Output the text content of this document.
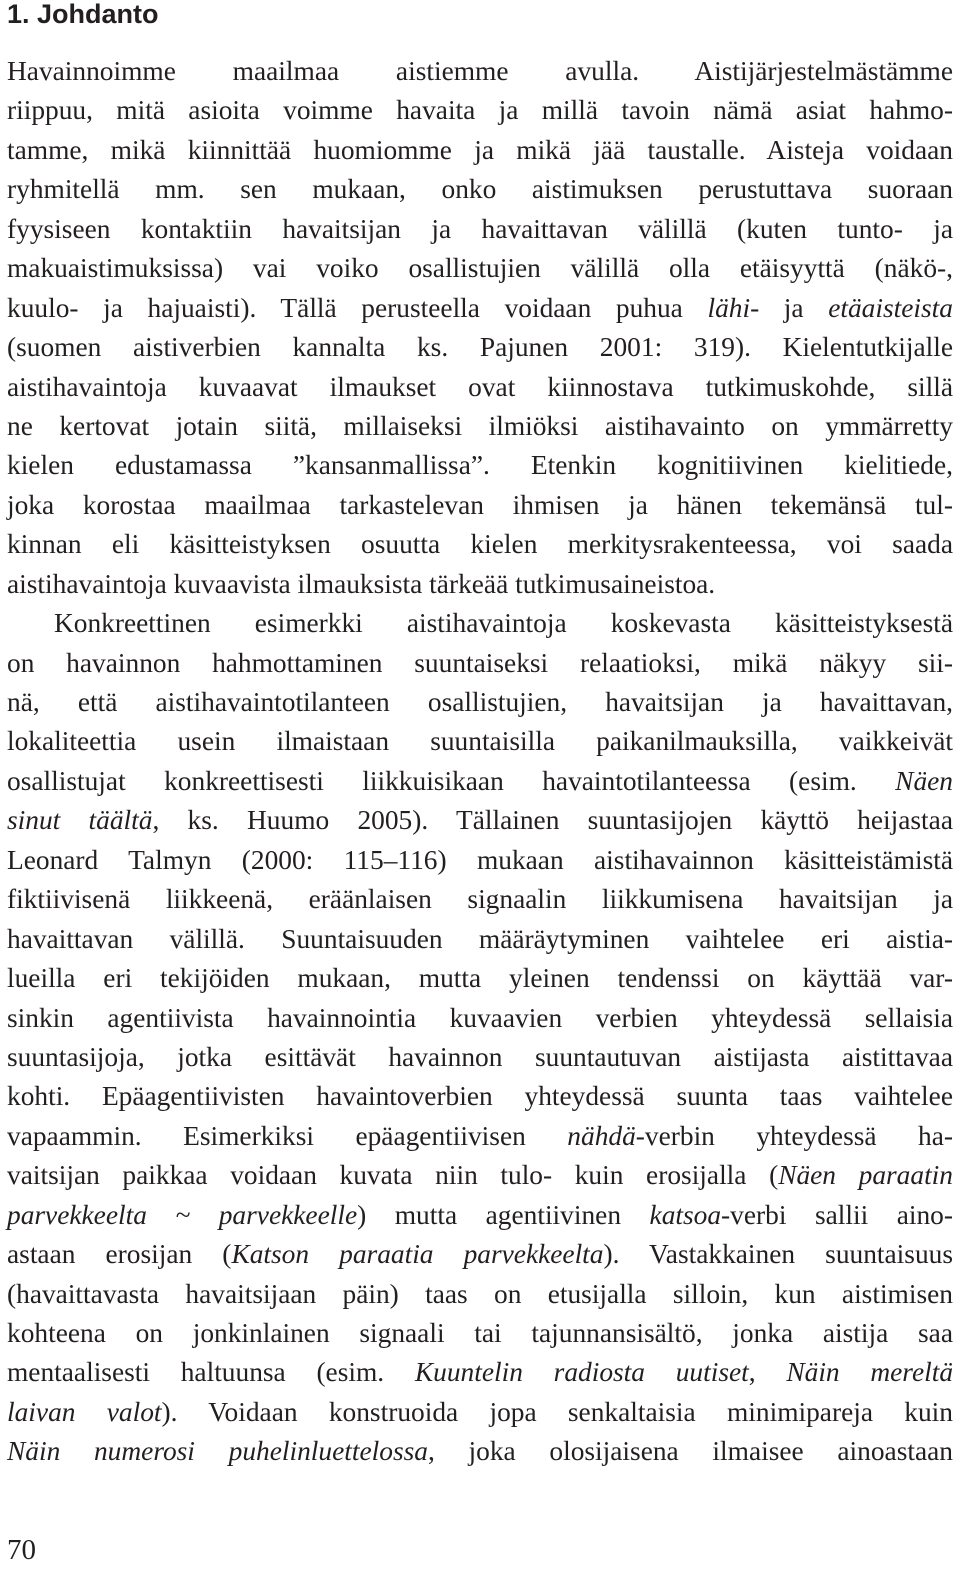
1. Johdanto
Havainnoimme maailmaa aistiemme avulla. Aistijärjestelmästämme
riippuu, mitä asioita voimme havaita ja millä tavoin nämä asiat hahmo-
tamme, mikä kiinnittää huomiomme ja mikä jää taustalle. Aisteja voidaan
ryhmitellä mm. sen mukaan, onko aistimuksen perustuttava suoraan
fyysiseen kontaktiin havaitsijan ja havaittavan välillä (kuten tunto- ja
makuaistimuksissa) vai voiko osallistujien välillä olla etäisyyttä (näkö-,
kuulo- ja hajuaisti). Tällä perusteella voidaan puhua lähi- ja etäaisteista
(suomen aistiverbien kannalta ks. Pajunen 2001: 319). Kielentutkijalle
aistihavaintoja kuvaavat ilmaukset ovat kiinnostava tutkimuskohde, sillä
ne kertovat jotain siitä, millaiseksi ilmiöksi aistihavainto on ymmärretty
kielen edustamassa ”kansanmallissa”. Etenkin kognitiivinen kielitiede,
joka korostaa maailmaa tarkastelevan ihmisen ja hänen tekemänsä tul-
kinnan eli käsitteistyksen osuutta kielen merkitysrakenteessa, voi saada
aistihavaintoja kuvaavista ilmauksista tärkeää tutkimusaineistoa.
Konkreettinen esimerkki aistihavaintoja koskevasta käsitteistyksestä
on havainnon hahmottaminen suuntaiseksi relaatioksi, mikä näkyy sii-
nä, että aistihavaintotilanteen osallistujien, havaitsijan ja havaittavan,
lokaliteettia usein ilmaistaan suuntaisilla paikanilmauksilla, vaikkeivät
osallistujat konkreettisesti liikkuisikaan havaintotilanteessa (esim. Näen
sinut täältä, ks. Huumo 2005). Tällainen suuntasijojen käyttö heijastaa
Leonard Talmyn (2000: 115–116) mukaan aistihavainnon käsitteistämistä
fiktiivisenä liikkeenä, eräänlaisen signaalin liikkumisena havaitsijan ja
havaittavan välillä. Suuntaisuuden määräytyminen vaihtelee eri aistia-
lueilla eri tekijöiden mukaan, mutta yleinen tendenssi on käyttää var-
sinkin agentiivista havainnointia kuvaavien verbien yhteydessä sellaisia
suuntasijoja, jotka esittävät havainnon suuntautuvan aistijasta aistittavaa
kohti. Epäagentiivisten havaintoverbien yhteydessä suunta taas vaihtelee
vapaammin. Esimerkiksi epäagentiivisen nähdä-verbin yhteydessä ha-
vaitsijan paikkaa voidaan kuvata niin tulo- kuin erosijalla (Näen paraatin
parvekkeelta ~ parvekkeelle) mutta agentiivinen katsoa-verbi sallii aino-
astaan erosijan (Katson paraatia parvekkeelta). Vastakkainen suuntaisuus
(havaittavasta havaitsijaan päin) taas on etusijalla silloin, kun aistimisen
kohteena on jonkinlainen signaali tai tajunnansisältö, jonka aistija saa
mentaalisesti haltuunsa (esim. Kuuntelin radiosta uutiset, Näin mereltä
laivan valot). Voidaan konstruoida jopa senkaltaisia minimipareja kuin
Näin numerosi puhelinluettelossa, joka olosijaisena ilmaisee ainoastaan
70
